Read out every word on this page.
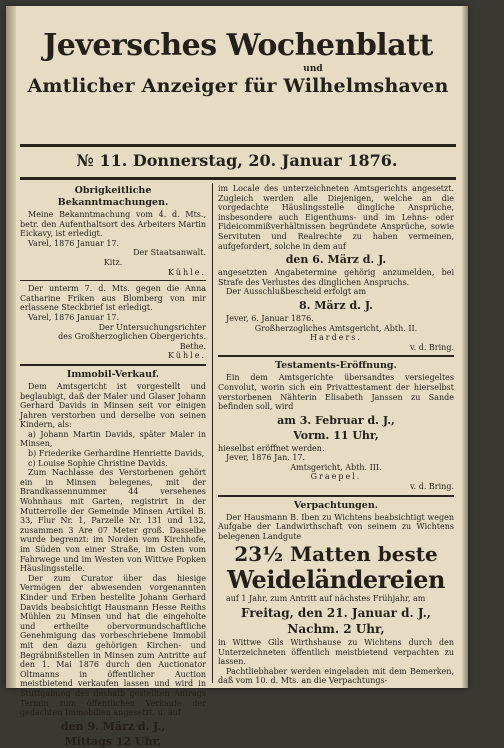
Jeversches Wochenblatt
und
Amtlicher Anzeiger für Wilhelmshaven
№ 11. Donnerstag, 20. Januar 1876.
Obrigkeitliche Bekanntmachungen.

Meine Bekanntmachung vom 4. d. Mts., betr. den Aufenthaltsort des Arbeiters Martin Eickavy, ist erledigt.

Varel, 1876 Januar 17.

Der Staatsanwalt.

Kitz.

Kühle.

Der unterm 7. d. Mts. gegen die Anna Catharine Friken aus Blomberg von mir erlassene Steckbrief ist erledigt.

Varel, 1876 Januar 17.

Der Untersuchungsrichter

des Großherzoglichen Obergerichts.

Bethe.

Kühle.

Immobil-Verkauf.

Dem Amtsgericht ist vorgestellt und beglaubigt, daß der Maler und Glaser Johann Gerhard Davids in Minsen seit vor einigen Jahren verstorben und derselbe von seinen Kindern, als:

a) Johann Martin Davids, später Maler in Minsen,

b) Friederike Gerhardine Henriette Davids,

c) Louise Sophie Christine Davids.

Zum Nachlasse des Verstorbenen gehört ein in Minsen belegenes, mit der Brandkassennummer 44 versehenes Wohnhaus mit Garten, registrirt in der Mutterrolle der Gemeinde Minsen Artikel B. 33, Flur Nr. 1, Parzelle Nr. 131 und 132, zusammen 3 Are 07 Meter groß. Dasselbe wurde begrenzt: im Norden vom Kirchhofe, im Süden von einer Straße, im Osten vom Fahrwege und im Westen von Wittwe Popken Häuslingsstelle.

Der zum Curator über das hiesige Vermögen der abwesenden vorgenannten Kinder und Erben bestellte Johann Gerhard Davids beabsichtigt Hausmann Hesse Reiths Mühlen zu Minsen und hat die eingeholte und ertheilte obervormundschaftliche Genehmigung das vorbeschriebene Immobil mit den dazu gehörigen Kirchen- und Begräbnißstellen in Minsen zum Antritte auf den 1. Mai 1876 durch den Auctionator Oltmanns in öffentlicher Auction meistbietend verkaufen lassen und wird in Stuttgabung des deshalb gestellten Antrags Termin zum öffentlichen Verkaufe der gedachten Immobilien angesetzt, u. auf

den 9. März d. J.,
Mittags 12 Uhr,

im Locale des unterzeichneten Amtsgerichts angesetzt. Zugleich werden alle Diejenigen, welche an die vorgedachte Häuslingsstelle dingliche Ansprüche, insbesondere auch Eigenthums- und im Lehns- oder Fideicommißverhältnissen begründete Ansprüche, sowie Servituten und Realrechte zu haben vermeinen, aufgefordert, solche in dem auf

den 6. März d. J.

angesetzten Angabetermine gehörig anzumelden, bei Strafe des Verlustes des dinglichen Anspruchs.

Der Ausschlußbescheid erfolgt am

8. März d. J.

Jever, 6. Januar 1876.

Großherzogliches Amtsgericht, Abth. II.

Harders.

v. d. Bring.

Testaments-Eröffnung.

Ein dem Amtsgerichte übersandtes versiegeltes Convolut, worin sich ein Privattestament der hierselbst verstorbenen Nähterin Elisabeth Janssen zu Sande befinden soll, wird

am 3. Februar d. J.,
Vorm. 11 Uhr,

hieselbst eröffnet werden.

Jever, 1876 Jan. 17.

Amtsgericht, Abth. III.

Graepel.

v. d. Bring.

Verpachtungen.

Der Hausmann B. Iben zu Wichtens beabsichtigt wegen Aufgabe der Landwirthschaft von seinem zu Wichtens belegenen Landgute

23½ Matten beste
Weideländereien

auf 1 Jahr, zum Antritt auf nächstes Frühjahr, am

Freitag, den 21. Januar d. J.,
Nachm. 2 Uhr,

in Wittwe Gils Wirthshause zu Wichtens durch den Unterzeichneten öffentlich meistbietend verpachten zu lassen.

Pachtliebhaber werden eingeladen mit dem Bemerken, daß vom 10. d. Mts. an die Verpachtungs-
